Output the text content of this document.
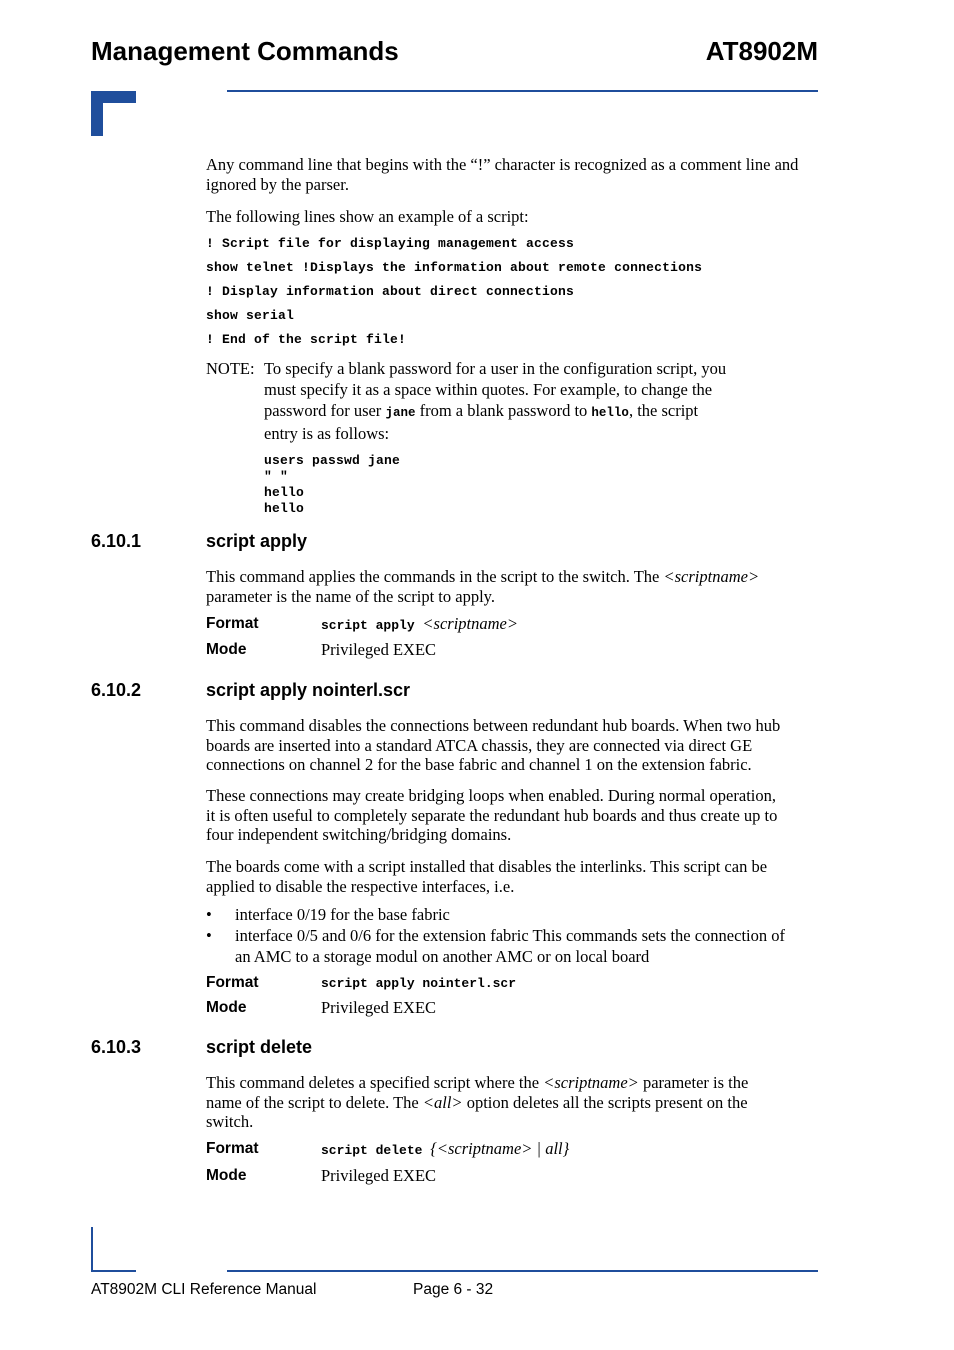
Management Commands	AT8902M
Any command line that begins with the “!” character is recognized as a comment line and ignored by the parser.
The following lines show an example of a script:
! Script file for displaying management access
show telnet !Displays the information about remote connections
! Display information about direct connections
show serial
! End of the script file!
NOTE: To specify a blank password for a user in the configuration script, you
must specify it as a space within quotes. For example, to change the
password for user jane from a blank password to hello, the script
entry is as follows:
users passwd jane
" "
hello
hello
6.10.1	script apply
This command applies the commands in the script to the switch. The <scriptname>
parameter is the name of the script to apply.
Format	script apply <scriptname>
Mode	Privileged EXEC
6.10.2	script apply nointerl.scr
This command disables the connections between redundant hub boards. When two hub
boards are inserted into a standard ATCA chassis, they are connected via direct GE
connections on channel 2 for the base fabric and channel 1 on the extension fabric.
These connections may create bridging loops when enabled. During normal operation,
it is often useful to completely separate the redundant hub boards and thus create up to
four independent switching/bridging domains.
The boards come with a script installed that disables the interlinks. This script can be
applied to disable the respective interfaces, i.e.
• interface 0/19 for the base fabric
• interface 0/5 and 0/6 for the extension fabric This commands sets the connection of
an AMC to a storage modul on another AMC or on local board
Format	script apply nointerl.scr
Mode	Privileged EXEC
6.10.3	script delete
This command deletes a specified script where the <scriptname> parameter is the
name of the script to delete. The <all> option deletes all the scripts present on the
switch.
Format	script delete {<scriptname> | all}
Mode	Privileged EXEC
AT8902M CLI Reference Manual	Page 6 - 32
